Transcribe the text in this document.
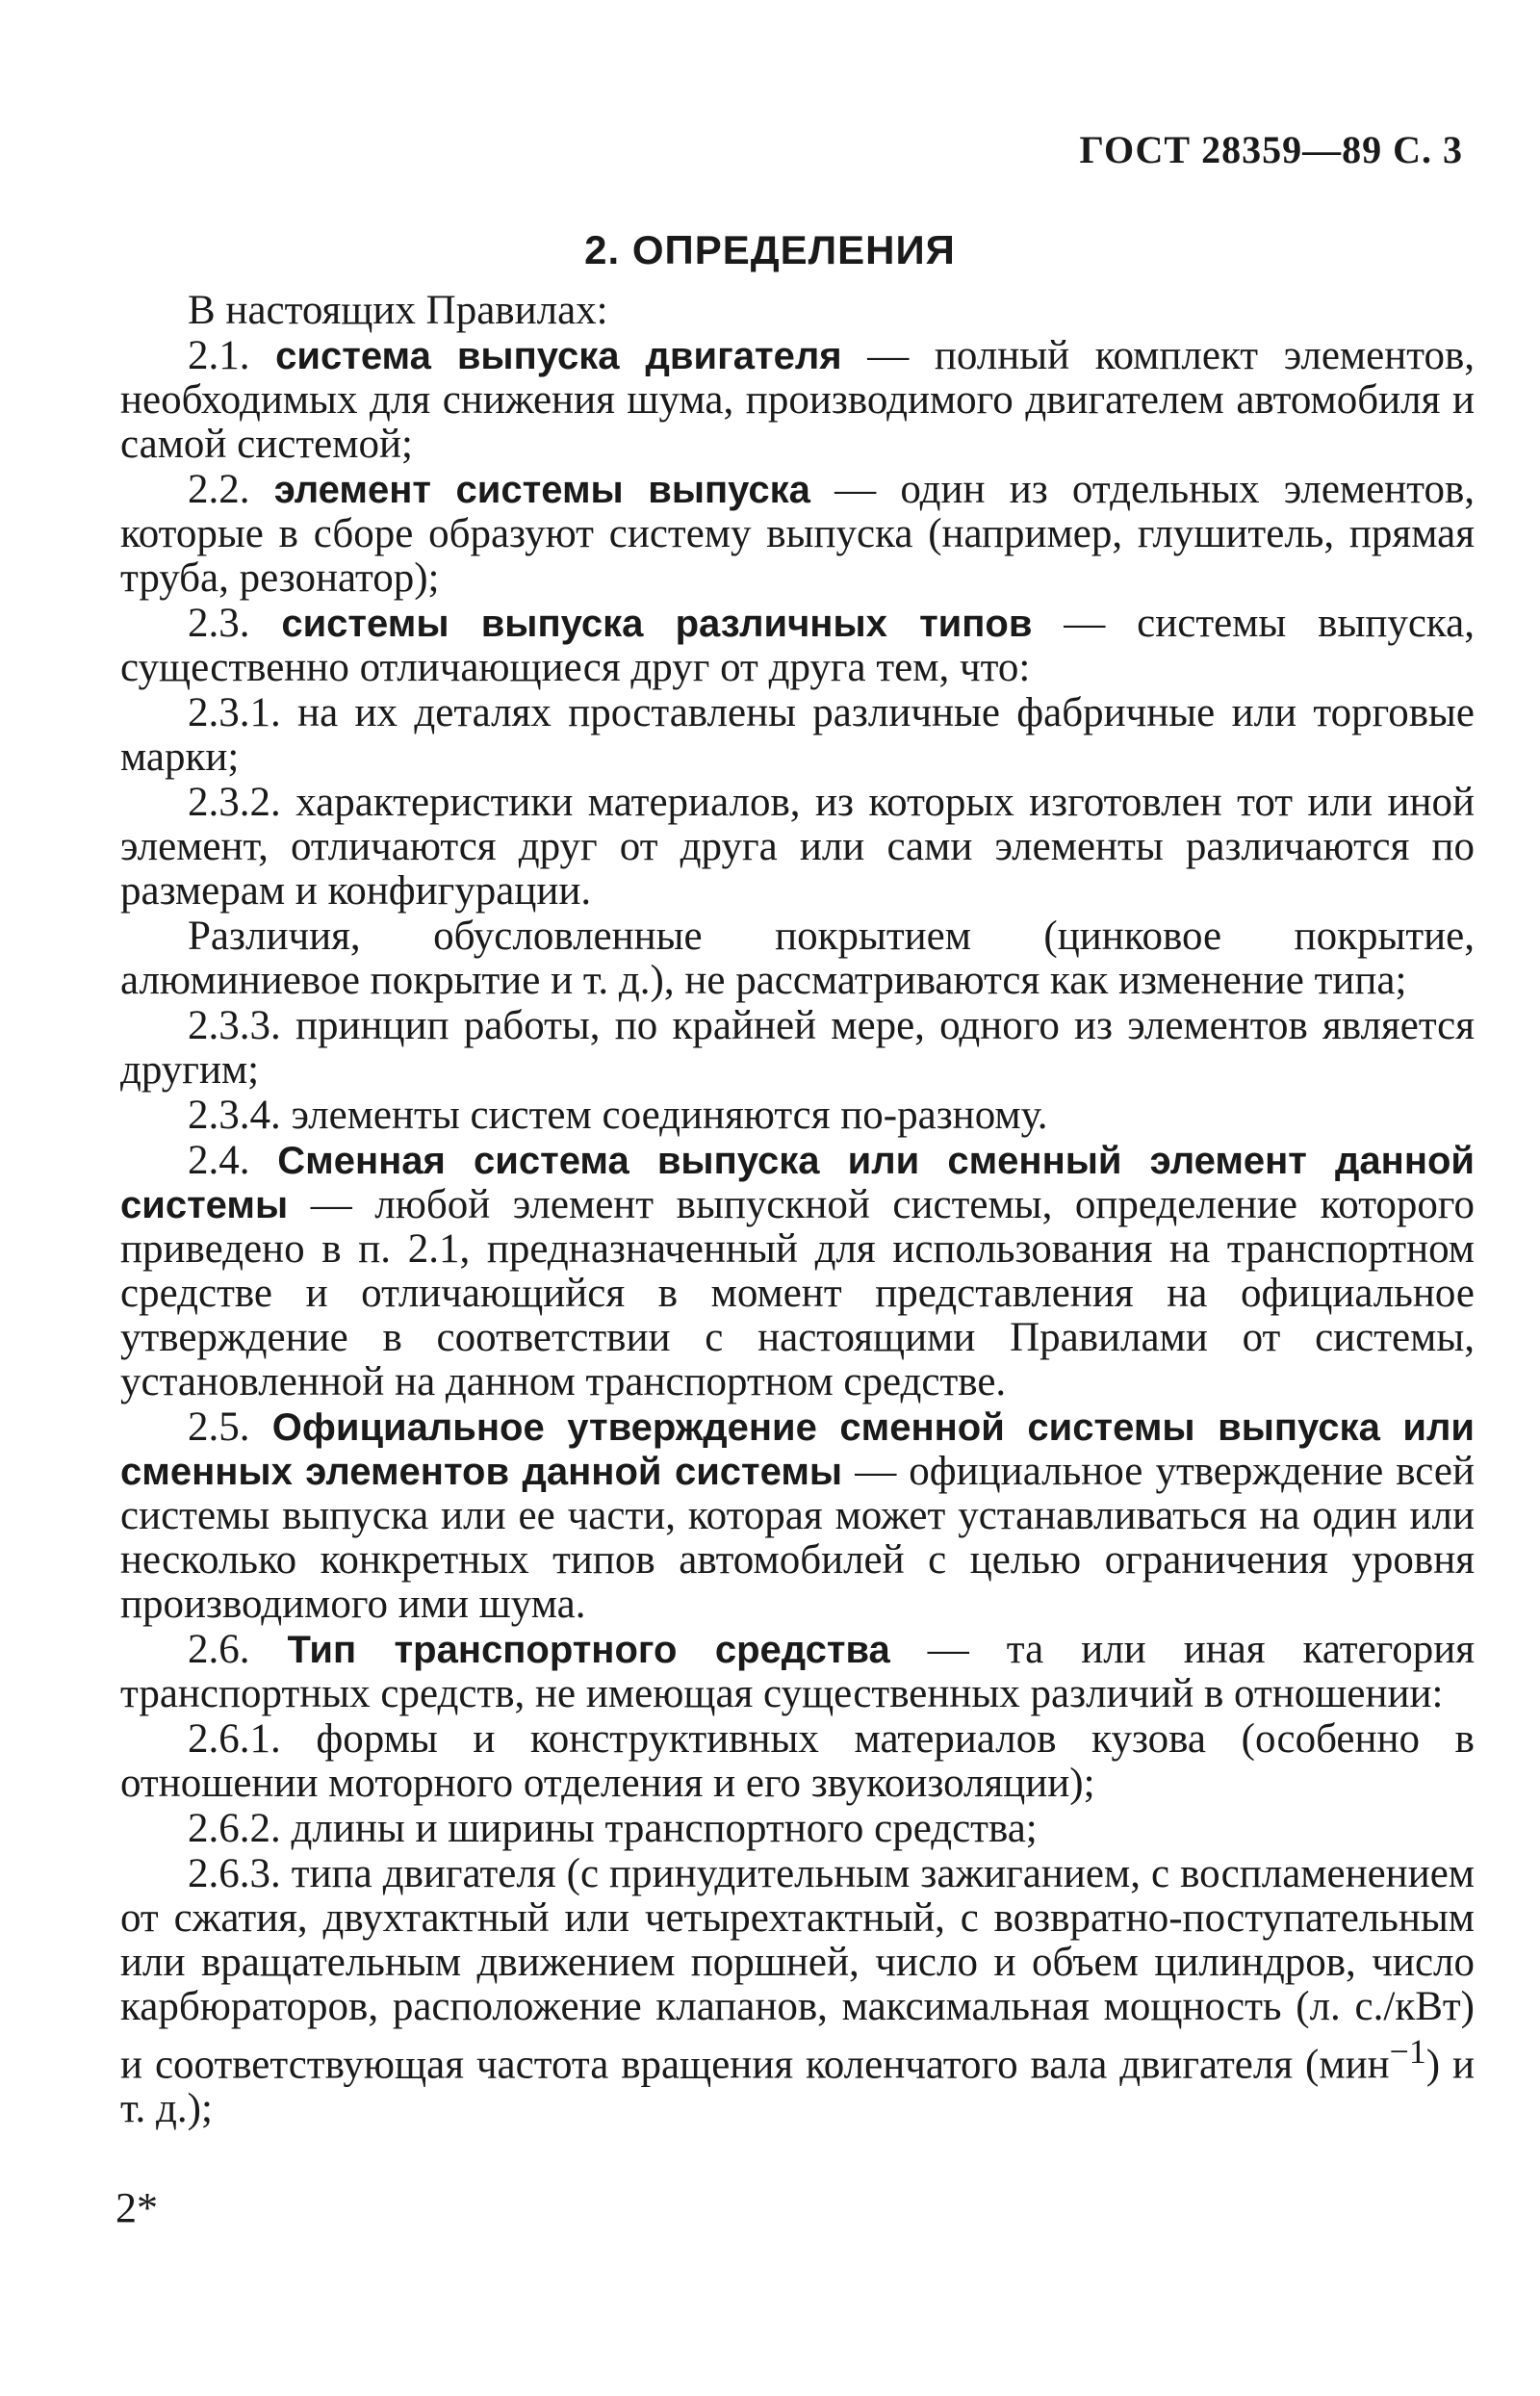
ГОСТ 28359—89 С. 3
2. ОПРЕДЕЛЕНИЯ

В настоящих Правилах:

2.1. система выпуска двигателя — полный комплект элементов, необходимых для снижения шума, производимого двигателем автомобиля и самой системой;

2.2. элемент системы выпуска — один из отдельных элементов, которые в сборе образуют систему выпуска (например, глушитель, прямая труба, резонатор);

2.3. системы выпуска различных типов — системы выпуска, существенно отличающиеся друг от друга тем, что:

2.3.1. на их деталях проставлены различные фабричные или торговые марки;

2.3.2. характеристики материалов, из которых изготовлен тот или иной элемент, отличаются друг от друга или сами элементы различаются по размерам и конфигурации.

Различия, обусловленные покрытием (цинковое покрытие, алюминиевое покрытие и т. д.), не рассматриваются как изменение типа;

2.3.3. принцип работы, по крайней мере, одного из элементов является другим;

2.3.4. элементы систем соединяются по-разному.

2.4. Сменная система выпуска или сменный элемент данной системы — любой элемент выпускной системы, определение которого приведено в п. 2.1, предназначенный для использования на транспортном средстве и отличающийся в момент представления на официальное утверждение в соответствии с настоящими Правилами от системы, установленной на данном транспортном средстве.

2.5. Официальное утверждение сменной системы выпуска или сменных элементов данной системы — официальное утверждение всей системы выпуска или ее части, которая может устанавливаться на один или несколько конкретных типов автомобилей с целью ограничения уровня производимого ими шума.

2.6. Тип транспортного средства — та или иная категория транспортных средств, не имеющая существенных различий в отношении:

2.6.1. формы и конструктивных материалов кузова (особенно в отношении моторного отделения и его звукоизоляции);

2.6.2. длины и ширины транспортного средства;

2.6.3. типа двигателя (с принудительным зажиганием, с воспламенением от сжатия, двухтактный или четырехтактный, с возвратно-поступательным или вращательным движением поршней, число и объем цилиндров, число карбюраторов, расположение клапанов, максимальная мощность (л. с./кВт) и соответствующая частота вращения коленчатого вала двигателя (мин$^{-1}$) и т. д.);

2*
